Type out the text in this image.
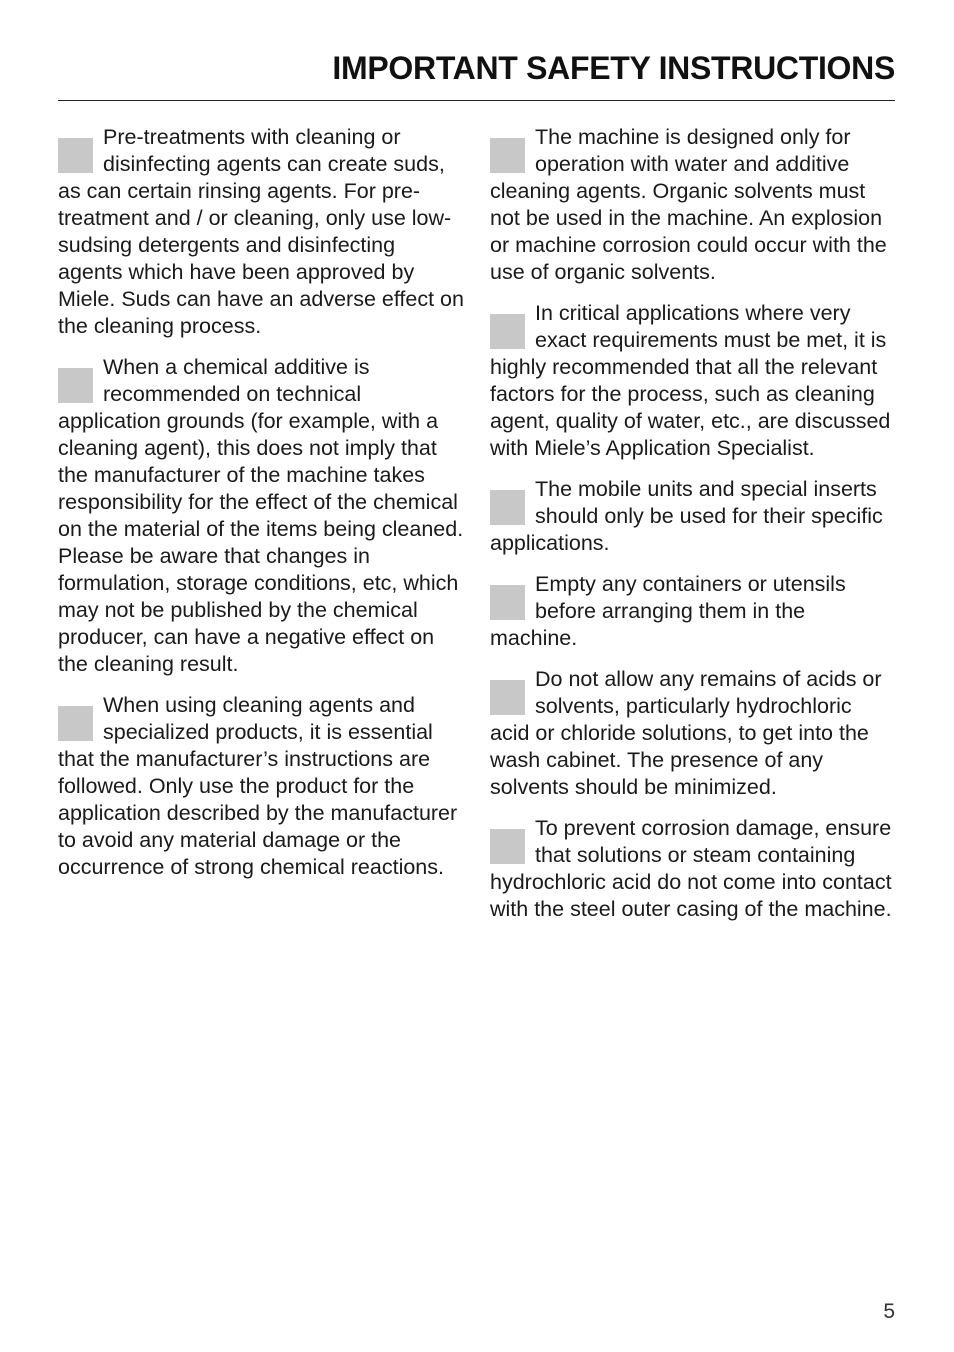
IMPORTANT SAFETY INSTRUCTIONS
Pre-treatments with cleaning or disinfecting agents can create suds, as can certain rinsing agents. For pre-treatment and / or cleaning, only use low-sudsing detergents and disinfecting agents which have been approved by Miele. Suds can have an adverse effect on the cleaning process.
When a chemical additive is recommended on technical application grounds (for example, with a cleaning agent), this does not imply that the manufacturer of the machine takes responsibility for the effect of the chemical on the material of the items being cleaned. Please be aware that changes in formulation, storage conditions, etc, which may not be published by the chemical producer, can have a negative effect on the cleaning result.
When using cleaning agents and specialized products, it is essential that the manufacturer’s instructions are followed. Only use the product for the application described by the manufacturer to avoid any material damage or the occurrence of strong chemical reactions.
The machine is designed only for operation with water and additive cleaning agents. Organic solvents must not be used in the machine. An explosion or machine corrosion could occur with the use of organic solvents.
In critical applications where very exact requirements must be met, it is highly recommended that all the relevant factors for the process, such as cleaning agent, quality of water, etc., are discussed with Miele’s Application Specialist.
The mobile units and special inserts should only be used for their specific applications.
Empty any containers or utensils before arranging them in the machine.
Do not allow any remains of acids or solvents, particularly hydrochloric acid or chloride solutions, to get into the wash cabinet. The presence of any solvents should be minimized.
To prevent corrosion damage, ensure that solutions or steam containing hydrochloric acid do not come into contact with the steel outer casing of the machine.
5
